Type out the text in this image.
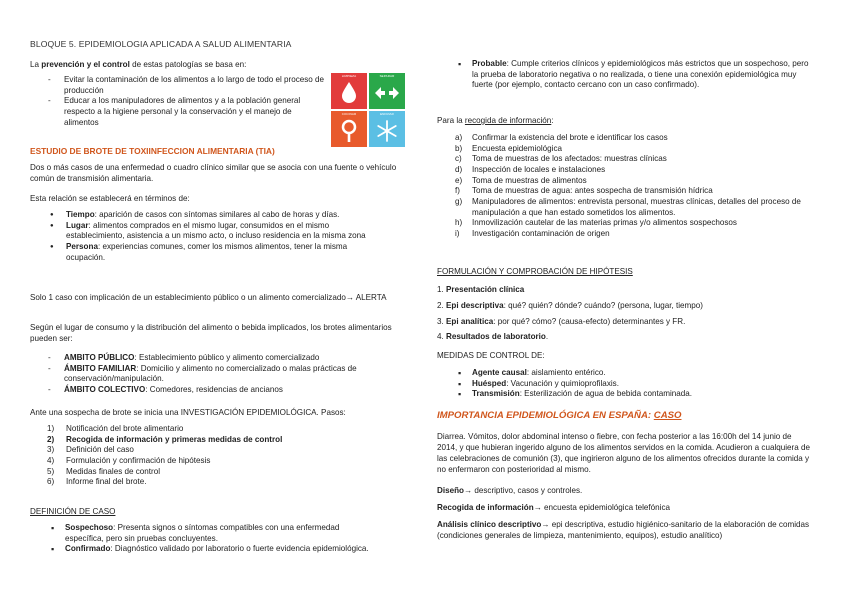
BLOQUE 5. EPIDEMIOLOGIA APLICADA A SALUD ALIMENTARIA

La prevención y el control de estas patologías se basa en:

- Evitar la contaminación de los alimentos a lo largo de todo el proceso de producción
- Educar a los manipuladores de alimentos y a la población general respecto a la higiene personal y la conservación y el manejo de alimentos

ESTUDIO DE BROTE DE TOXIINFECCION ALIMENTARIA (TIA)

Dos o más casos de una enfermedad o cuadro clínico similar que se asocia con una fuente o vehículo común de transmisión alimentaria.

Esta relación se establecerá en términos de:

● Tiempo: aparición de casos con síntomas similares al cabo de horas y días.
● Lugar: alimentos comprados en el mismo lugar, consumidos en el mismo establecimiento, asistencia a un mismo acto, o incluso residencia en la misma zona
● Persona: experiencias comunes, comer los mismos alimentos, tener la misma ocupación.

Solo 1 caso con implicación de un establecimiento público o un alimento comercializado→ ALERTA

Según el lugar de consumo y la distribución del alimento o bebida implicados, los brotes alimentarios pueden ser:

- AMBITO PÚBLICO: Establecimiento público y alimento comercializado
- ÁMBITO FAMILIAR: Domicilio y alimento no comercializado o malas prácticas de conservación/manipulación.
- ÁMBITO COLECTIVO: Comedores, residencias de ancianos

Ante una sospecha de brote se inicia una INVESTIGACIÓN EPIDEMIOLÓGICA. Pasos:

1) Notificación del brote alimentario
2) Recogida de información y primeras medidas de control
3) Definición del caso
4) Formulación y confirmación de hipótesis
5) Medidas finales de control
6) Informe final del brote.

DEFINICIÓN DE CASO

▪ Sospechoso: Presenta signos o síntomas compatibles con una enfermedad específica, pero sin pruebas concluyentes.
▪ Confirmado: Diagnóstico validado por laboratorio o fuerte evidencia epidemiológica.
LIMPIEZA	SEPARAR
COCINAR	ENFRIAR
▪ Probable: Cumple criterios clínicos y epidemiológicos más estrictos que un sospechoso, pero la prueba de laboratorio negativa o no realizada, o tiene una conexión epidemiológica muy fuerte (por ejemplo, contacto cercano con un caso confirmado).

Para la recogida de información:

a) Confirmar la existencia del brote e identificar los casos
b) Encuesta epidemiológica
c) Toma de muestras de los afectados: muestras clínicas
d) Inspección de locales e instalaciones
e) Toma de muestras de alimentos
f) Toma de muestras de agua: antes sospecha de transmisión hídrica
g) Manipuladores de alimentos: entrevista personal, muestras clínicas, detalles del proceso de manipulación a que han estado sometidos los alimentos.
h) Inmovilización cautelar de las materias primas y/o alimentos sospechosos
i) Investigación contaminación de origen

FORMULACIÓN Y COMPROBACIÓN DE HIPÓTESIS

1. Presentación clínica

2. Epi descriptiva: qué? quién? dónde? cuándo? (persona, lugar, tiempo)

3. Epi analítica: por qué? cómo? (causa-efecto) determinantes y FR.

4. Resultados de laboratorio.

MEDIDAS DE CONTROL DE:

▪ Agente causal: aislamiento entérico.
▪ Huésped: Vacunación y quimioprofilaxis.
▪ Transmisión: Esterilización de agua de bebida contaminada.

IMPORTANCIA EPIDEMIOLÓGICA EN ESPAÑA: CASO

Diarrea. Vómitos, dolor abdominal intenso o fiebre, con fecha posterior a las 16:00h del 14 junio de 2014, y que hubieran ingerido alguno de los alimentos servidos en la comida. Acudieron a cualquiera de las celebraciones de comunión (3), que ingirieron alguno de los alimentos ofrecidos durante la comida y no enfermaron con posterioridad al mismo.

Diseño→ descriptivo, casos y controles.

Recogida de información→ encuesta epidemiológica telefónica

Análisis clínico descriptivo→ epi descriptiva, estudio higiénico-sanitario de la elaboración de comidas (condiciones generales de limpieza, mantenimiento, equipos), estudio analítico)
